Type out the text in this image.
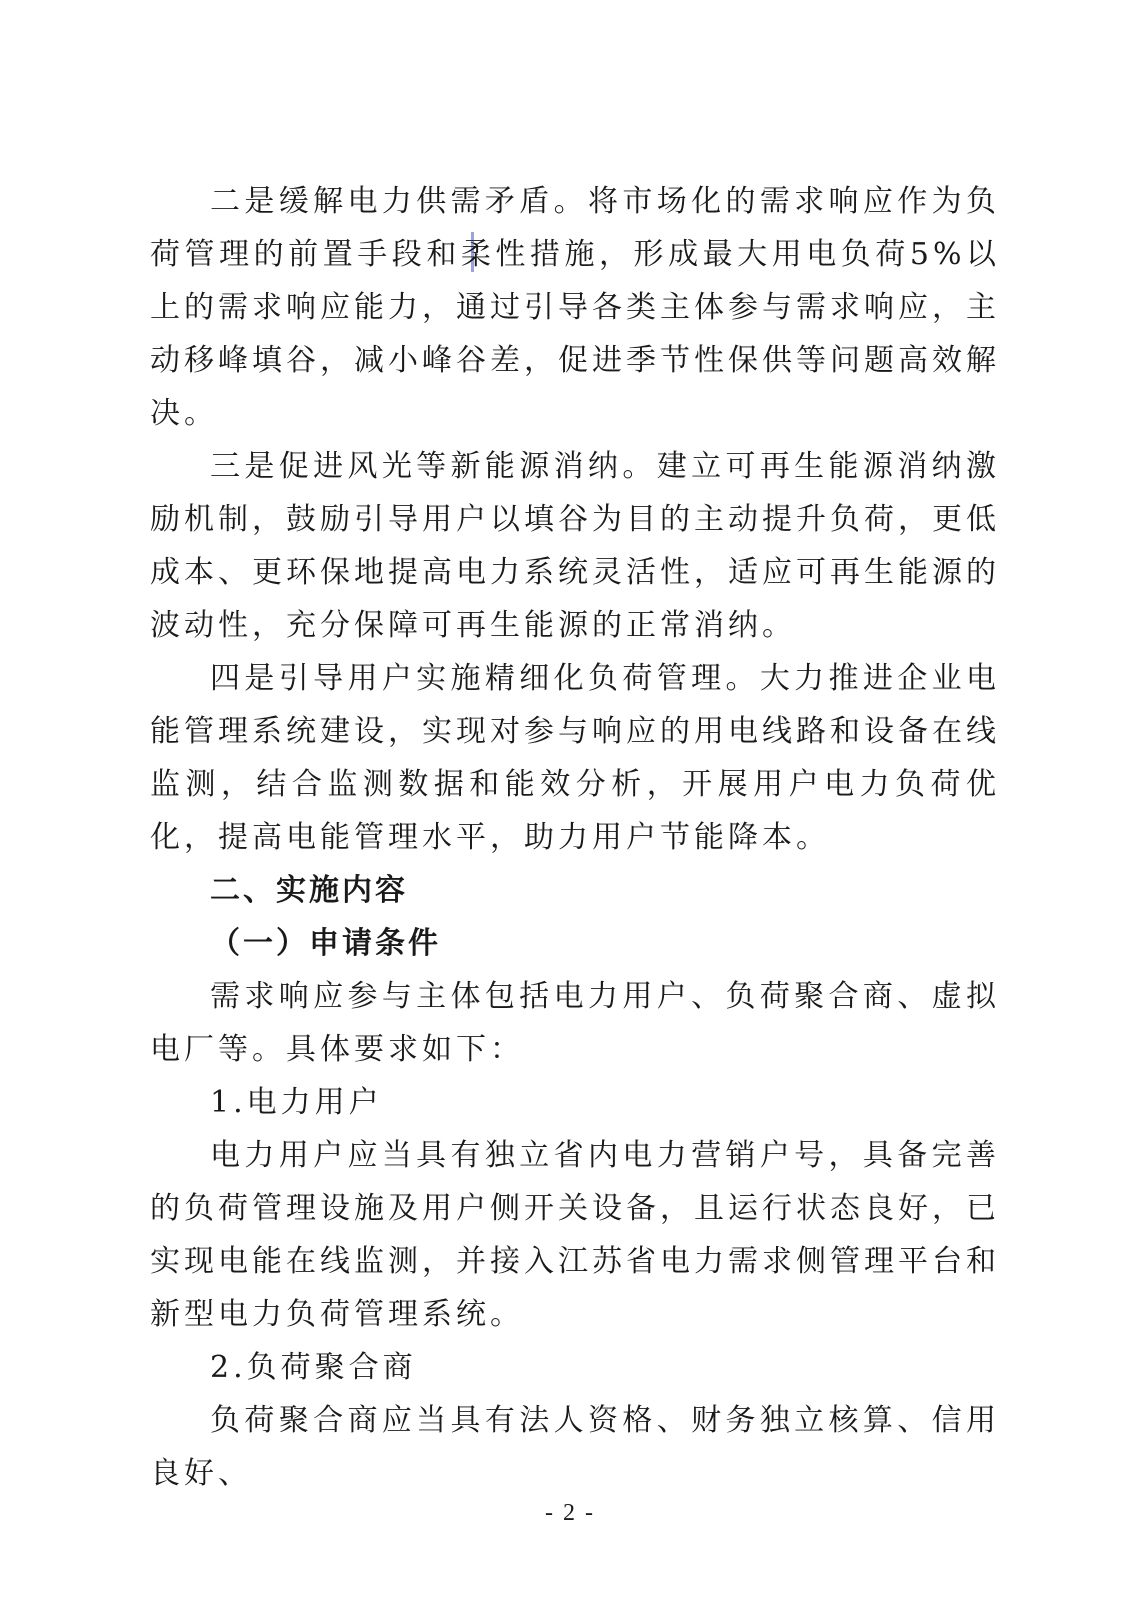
二是缓解电力供需矛盾。将市场化的需求响应作为负荷管理的前置手段和柔性措施，形成最大用电负荷5%以上的需求响应能力，通过引导各类主体参与需求响应，主动移峰填谷，减小峰谷差，促进季节性保供等问题高效解决。

三是促进风光等新能源消纳。建立可再生能源消纳激励机制，鼓励引导用户以填谷为目的主动提升负荷，更低成本、更环保地提高电力系统灵活性，适应可再生能源的波动性，充分保障可再生能源的正常消纳。

四是引导用户实施精细化负荷管理。大力推进企业电能管理系统建设，实现对参与响应的用电线路和设备在线监测，结合监测数据和能效分析，开展用户电力负荷优化，提高电能管理水平，助力用户节能降本。

二、实施内容

（一）申请条件

需求响应参与主体包括电力用户、负荷聚合商、虚拟电厂等。具体要求如下：

1.电力用户

电力用户应当具有独立省内电力营销户号，具备完善的负荷管理设施及用户侧开关设备，且运行状态良好，已实现电能在线监测，并接入江苏省电力需求侧管理平台和新型电力负荷管理系统。

2.负荷聚合商

负荷聚合商应当具有法人资格、财务独立核算、信用良好、

- 2 -
